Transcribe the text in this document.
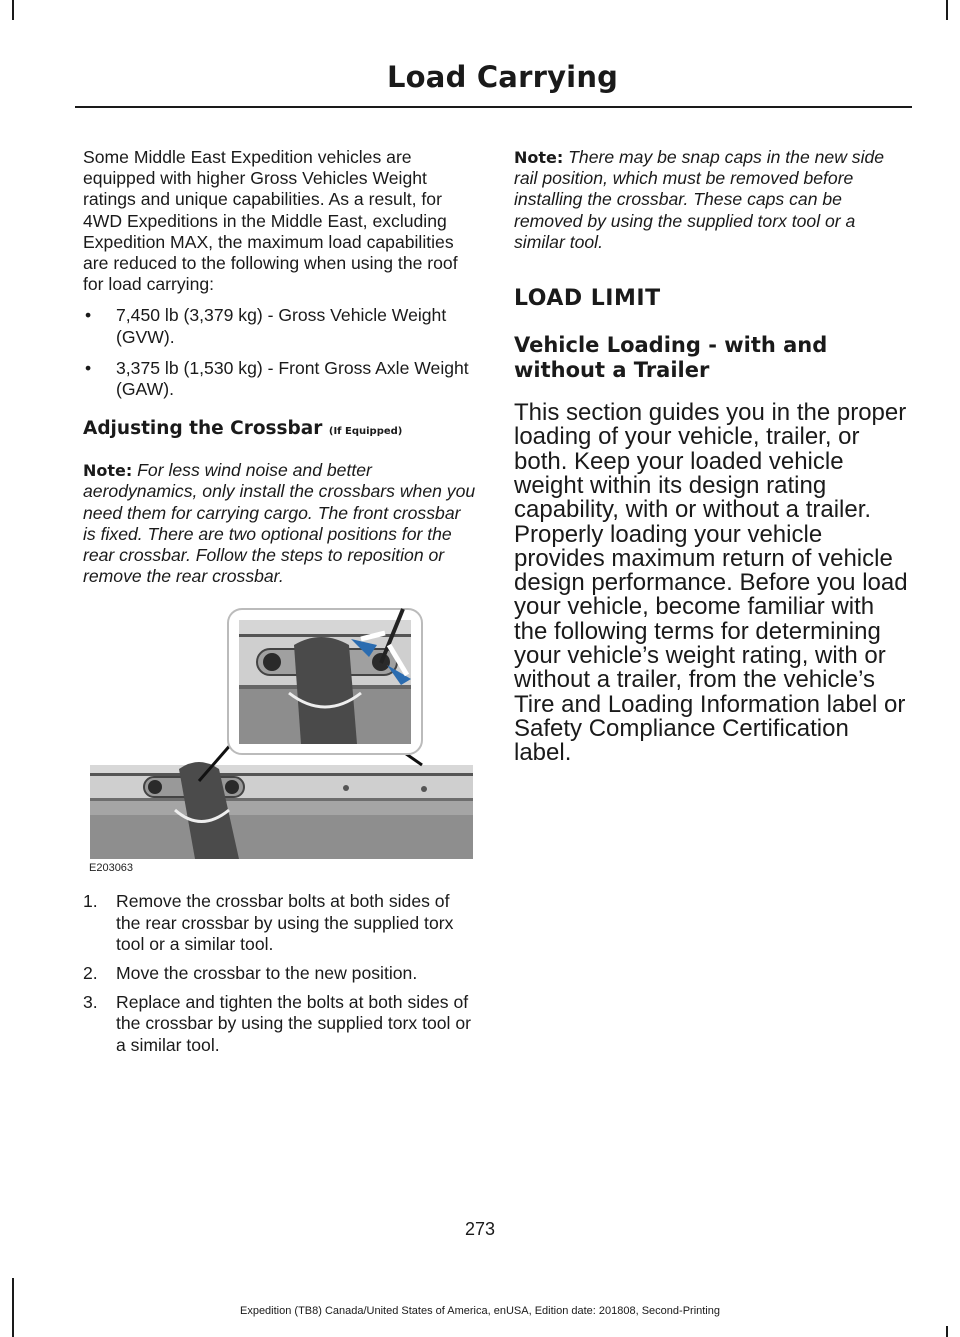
Load Carrying

Some Middle East Expedition vehicles are equipped with higher Gross Vehicles Weight ratings and unique capabilities. As a result, for 4WD Expeditions in the Middle East, excluding Expedition MAX, the maximum load capabilities are reduced to the following when using the roof for load carrying:

• 7,450 lb (3,379 kg) - Gross Vehicle Weight (GVW).
• 3,375 lb (1,530 kg) - Front Gross Axle Weight (GAW).
Adjusting the Crossbar (If Equipped)

Note: For less wind noise and better aerodynamics, only install the crossbars when you need them for carrying cargo. The front crossbar is fixed. There are two optional positions for the rear crossbar. Follow the steps to reposition or remove the rear crossbar.

E203063
1. Remove the crossbar bolts at both sides of the rear crossbar by using the supplied torx tool or a similar tool.
2. Move the crossbar to the new position.
3. Replace and tighten the bolts at both sides of the crossbar by using the supplied torx tool or a similar tool.

Note: There may be snap caps in the new side rail position, which must be removed before installing the crossbar. These caps can be removed by using the supplied torx tool or a similar tool.

LOAD LIMIT
Vehicle Loading - with and without a Trailer

This section guides you in the proper loading of your vehicle, trailer, or both. Keep your loaded vehicle weight within its design rating capability, with or without a trailer. Properly loading your vehicle provides maximum return of vehicle design performance. Before you load your vehicle, become familiar with the following terms for determining your vehicle’s weight rating, with or without a trailer, from the vehicle’s Tire and Loading Information label or Safety Compliance Certification label.

273
Expedition (TB8) Canada/United States of America, enUSA, Edition date: 201808, Second-Printing
